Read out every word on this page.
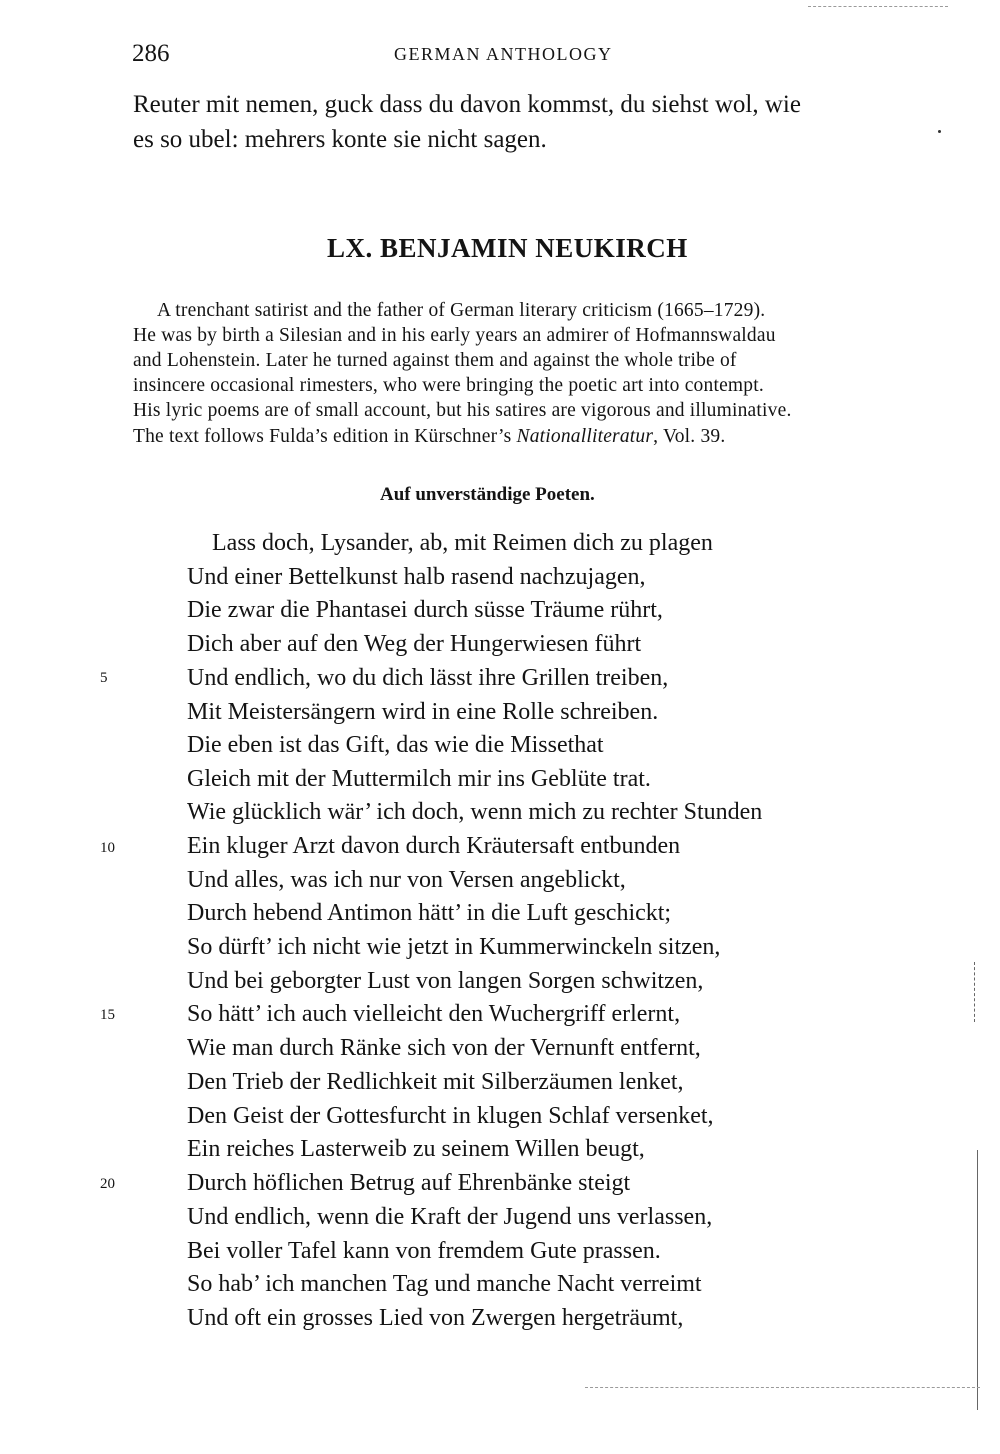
286	GERMAN ANTHOLOGY
Reuter mit nemen, guck dass du davon kommst, du siehst wol, wie
es so ubel: mehrers konte sie nicht sagen.
LX. BENJAMIN NEUKIRCH
A trenchant satirist and the father of German literary criticism (1665–1729).
He was by birth a Silesian and in his early years an admirer of Hofmannswaldau
and Lohenstein. Later he turned against them and against the whole tribe of
insincere occasional rimesters, who were bringing the poetic art into contempt.
His lyric poems are of small account, but his satires are vigorous and illuminative.
The text follows Fulda’s edition in Kürschner’s Nationalliteratur, Vol. 39.
Auf unverständige Poeten.
Lass doch, Lysander, ab, mit Reimen dich zu plagen
Und einer Bettelkunst halb rasend nachzujagen,
Die zwar die Phantasei durch süsse Träume rührt,
Dich aber auf den Weg der Hungerwiesen führt
Und endlich, wo du dich lässt ihre Grillen treiben,
Mit Meistersängern wird in eine Rolle schreiben.
Die eben ist das Gift, das wie die Missethat
Gleich mit der Muttermilch mir ins Geblüte trat.
Wie glücklich wär’ ich doch, wenn mich zu rechter Stunden
Ein kluger Arzt davon durch Kräutersaft entbunden
Und alles, was ich nur von Versen angeblickt,
Durch hebend Antimon hätt’ in die Luft geschickt;
So dürft’ ich nicht wie jetzt in Kummerwinckeln sitzen,
Und bei geborgter Lust von langen Sorgen schwitzen,
So hätt’ ich auch vielleicht den Wuchergriff erlernt,
Wie man durch Ränke sich von der Vernunft entfernt,
Den Trieb der Redlichkeit mit Silberzäumen lenket,
Den Geist der Gottesfurcht in klugen Schlaf versenket,
Ein reiches Lasterweib zu seinem Willen beugt,
Durch höflichen Betrug auf Ehrenbänke steigt
Und endlich, wenn die Kraft der Jugend uns verlassen,
Bei voller Tafel kann von fremdem Gute prassen.
So hab’ ich manchen Tag und manche Nacht verreimt
Und oft ein grosses Lied von Zwergen hergeträumt,
5
10
15
20
